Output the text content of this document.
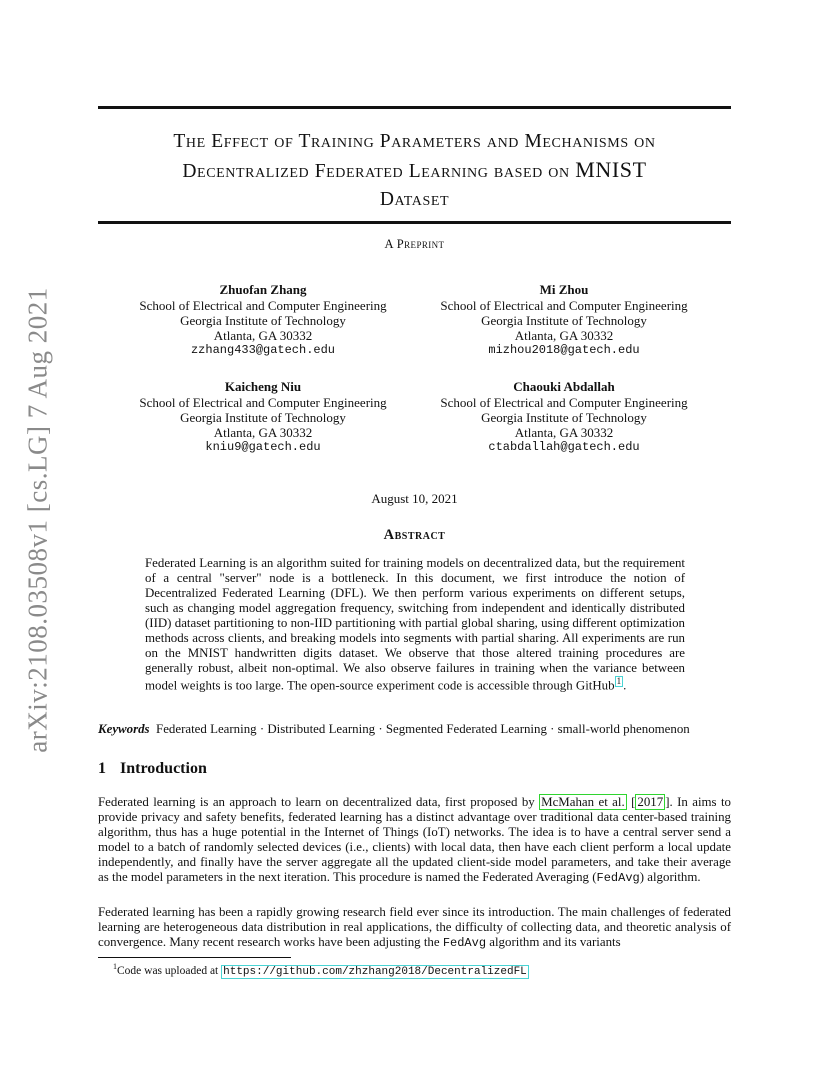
arXiv:2108.03508v1 [cs.LG] 7 Aug 2021
The Effect of Training Parameters and Mechanisms on
Decentralized Federated Learning based on MNIST
Dataset
A Preprint
Zhuofan Zhang
School of Electrical and Computer Engineering
Georgia Institute of Technology
Atlanta, GA 30332
zzhang433@gatech.edu
Mi Zhou
School of Electrical and Computer Engineering
Georgia Institute of Technology
Atlanta, GA 30332
mizhou2018@gatech.edu
Kaicheng Niu
School of Electrical and Computer Engineering
Georgia Institute of Technology
Atlanta, GA 30332
kniu9@gatech.edu
Chaouki Abdallah
School of Electrical and Computer Engineering
Georgia Institute of Technology
Atlanta, GA 30332
ctabdallah@gatech.edu
August 10, 2021
Abstract
Federated Learning is an algorithm suited for training models on decentralized data, but the requirement of a central "server" node is a bottleneck. In this document, we first introduce the notion of Decentralized Federated Learning (DFL). We then perform various experiments on different setups, such as changing model aggregation frequency, switching from independent and identically distributed (IID) dataset partitioning to non-IID partitioning with partial global sharing, using different optimization methods across clients, and breaking models into segments with partial sharing. All experiments are run on the MNIST handwritten digits dataset. We observe that those altered training procedures are generally robust, albeit non-optimal. We also observe failures in training when the variance between model weights is too large. The open-source experiment code is accessible through GitHub 1 .
Keywords Federated Learning · Distributed Learning · Segmented Federated Learning · small-world phenomenon
1 Introduction
Federated learning is an approach to learn on decentralized data, first proposed by McMahan et al. [ 2017 ]. In aims to provide privacy and safety benefits, federated learning has a distinct advantage over traditional data center-based training algorithm, thus has a huge potential in the Internet of Things (IoT) networks. The idea is to have a central server send a model to a batch of randomly selected devices (i.e., clients) with local data, then have each client perform a local update independently, and finally have the server aggregate all the updated client-side model parameters, and take their average as the model parameters in the next iteration. This procedure is named the Federated Averaging (FedAvg) algorithm.
Federated learning has been a rapidly growing research field ever since its introduction. The main challenges of federated learning are heterogeneous data distribution in real applications, the difficulty of collecting data, and theoretic analysis of convergence. Many recent research works have been adjusting the FedAvg algorithm and its variants
$^1$Code was uploaded at https://github.com/zhzhang2018/DecentralizedFL
